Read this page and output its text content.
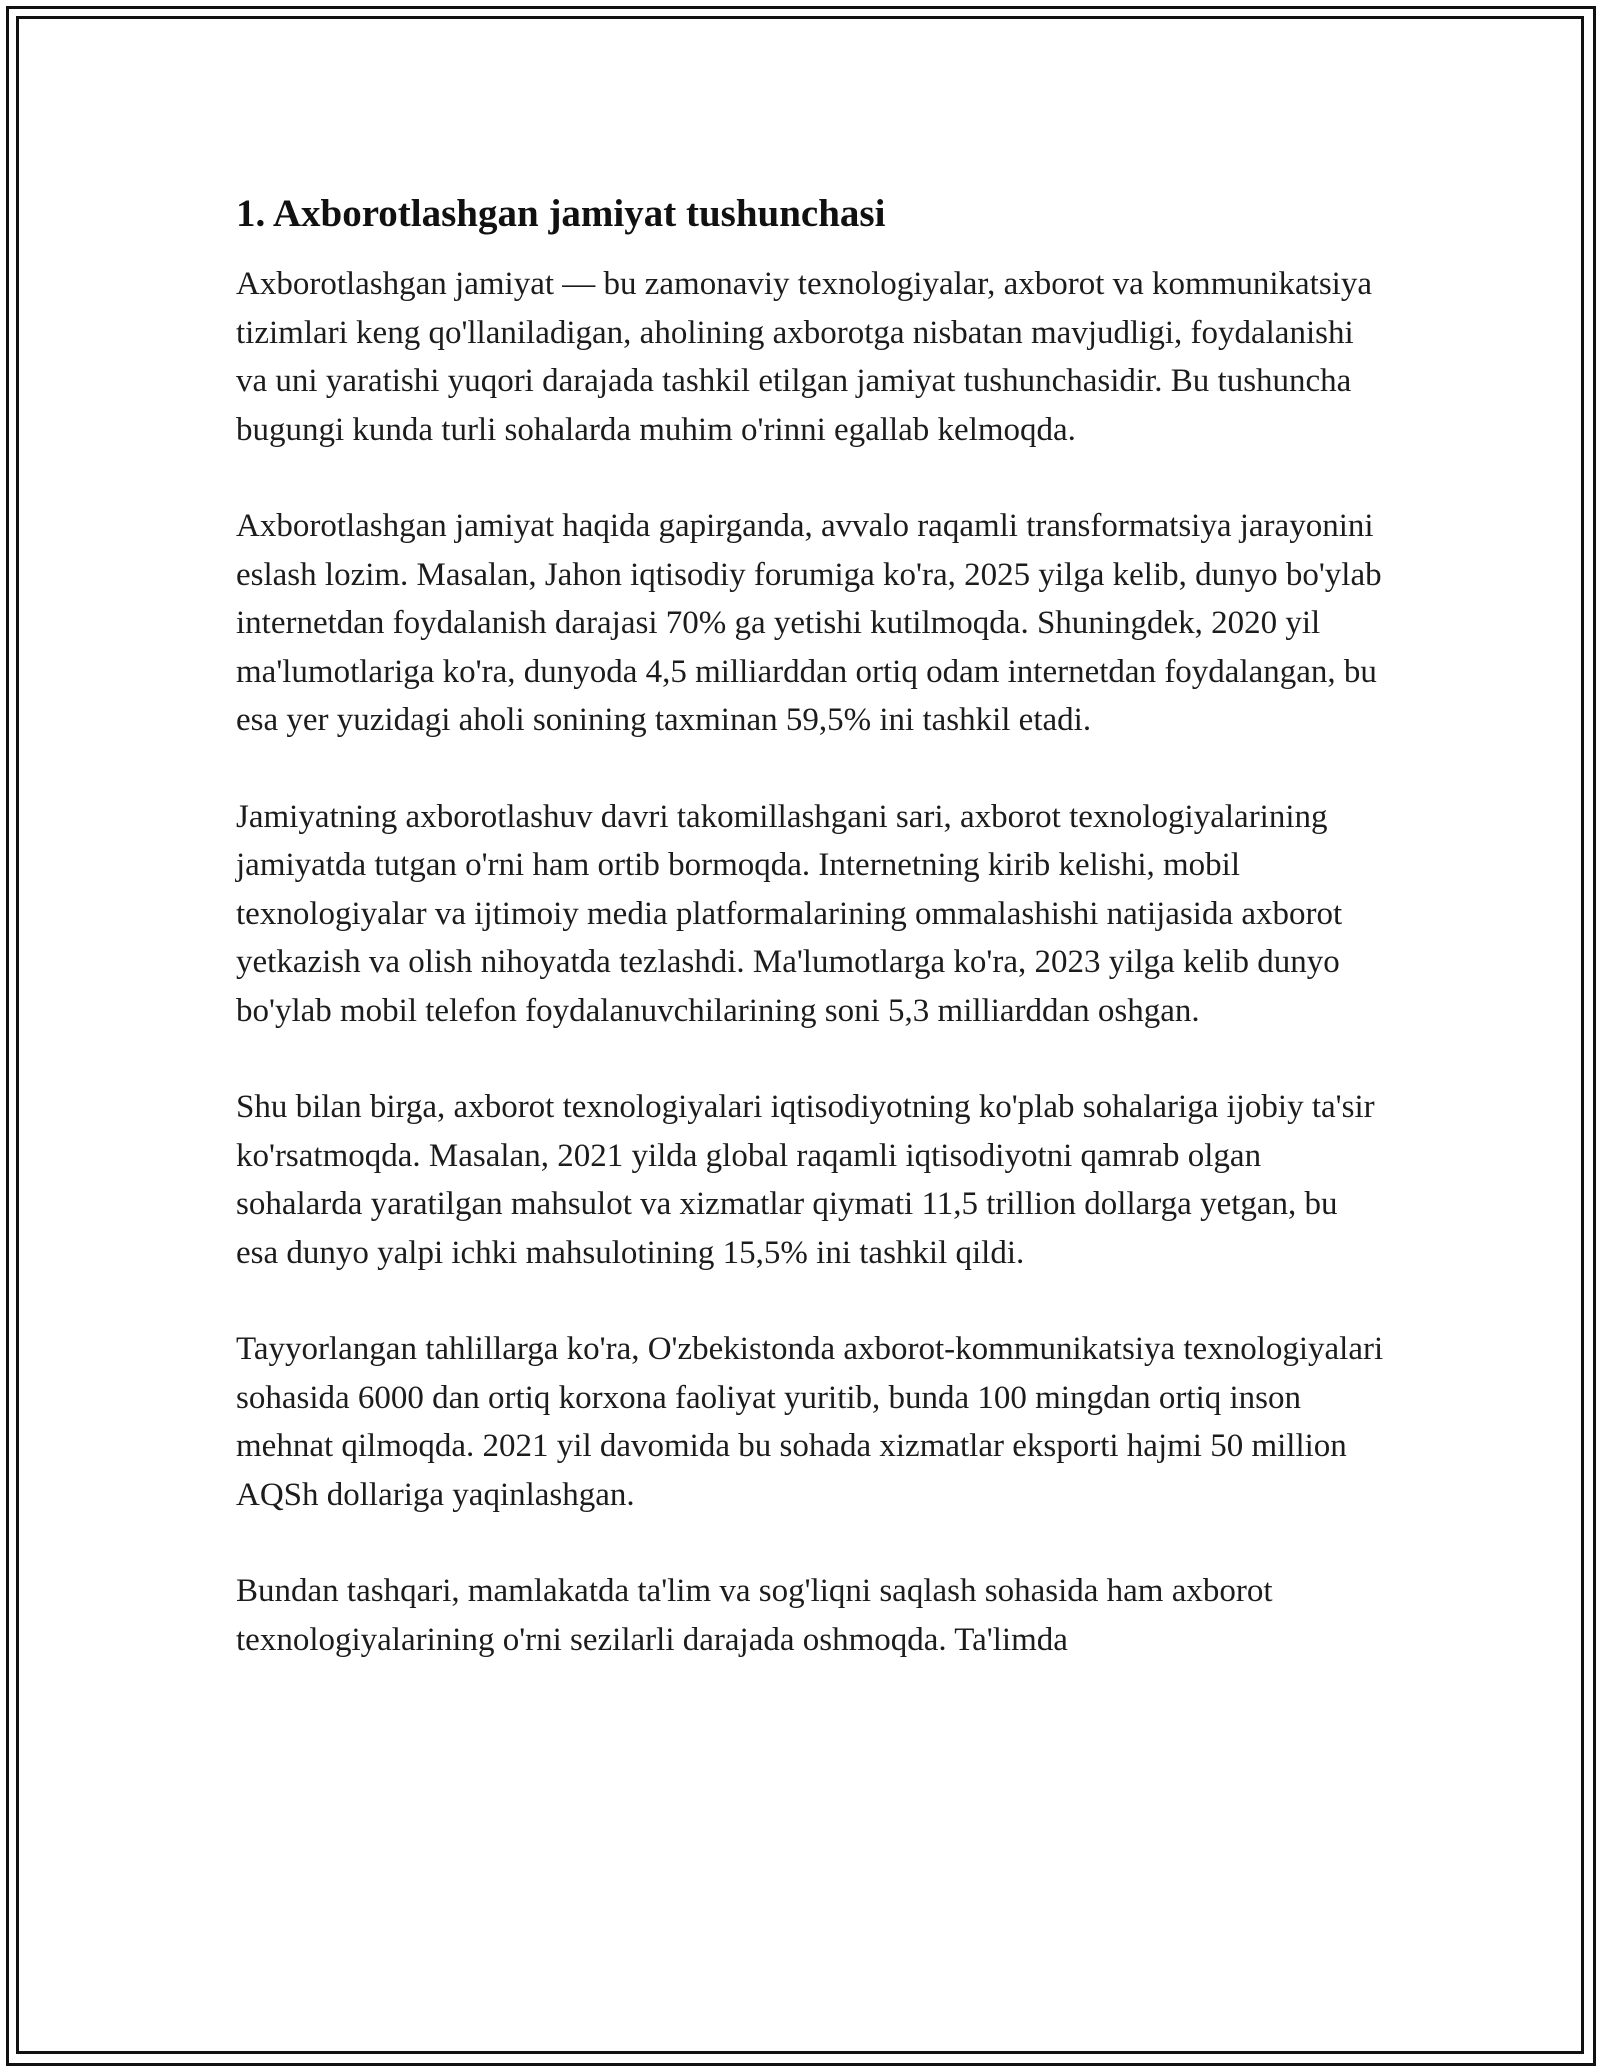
1. Axborotlashgan jamiyat tushunchasi

Axborotlashgan jamiyat — bu zamonaviy texnologiyalar, axborot va kommunikatsiya tizimlari keng qo'llaniladigan, aholining axborotga nisbatan mavjudligi, foydalanishi va uni yaratishi yuqori darajada tashkil etilgan jamiyat tushunchasidir. Bu tushuncha bugungi kunda turli sohalarda muhim o'rinni egallab kelmoqda.

Axborotlashgan jamiyat haqida gapirganda, avvalo raqamli transformatsiya jarayonini eslash lozim. Masalan, Jahon iqtisodiy forumiga ko'ra, 2025 yilga kelib, dunyo bo'ylab internetdan foydalanish darajasi 70% ga yetishi kutilmoqda. Shuningdek, 2020 yil ma'lumotlariga ko'ra, dunyoda 4,5 milliarddan ortiq odam internetdan foydalangan, bu esa yer yuzidagi aholi sonining taxminan 59,5% ini tashkil etadi.

Jamiyatning axborotlashuv davri takomillashgani sari, axborot texnologiyalarining jamiyatda tutgan o'rni ham ortib bormoqda. Internetning kirib kelishi, mobil texnologiyalar va ijtimoiy media platformalarining ommalashishi natijasida axborot yetkazish va olish nihoyatda tezlashdi. Ma'lumotlarga ko'ra, 2023 yilga kelib dunyo bo'ylab mobil telefon foydalanuvchilarining soni 5,3 milliarddan oshgan.

Shu bilan birga, axborot texnologiyalari iqtisodiyotning ko'plab sohalariga ijobiy ta'sir ko'rsatmoqda. Masalan, 2021 yilda global raqamli iqtisodiyotni qamrab olgan sohalarda yaratilgan mahsulot va xizmatlar qiymati 11,5 trillion dollarga yetgan, bu esa dunyo yalpi ichki mahsulotining 15,5% ini tashkil qildi.

Tayyorlangan tahlillarga ko'ra, O'zbekistonda axborot-kommunikatsiya texnologiyalari sohasida 6000 dan ortiq korxona faoliyat yuritib, bunda 100 mingdan ortiq inson mehnat qilmoqda. 2021 yil davomida bu sohada xizmatlar eksporti hajmi 50 million AQSh dollariga yaqinlashgan.

Bundan tashqari, mamlakatda ta'lim va sog'liqni saqlash sohasida ham axborot texnologiyalarining o'rni sezilarli darajada oshmoqda. Ta'limda
